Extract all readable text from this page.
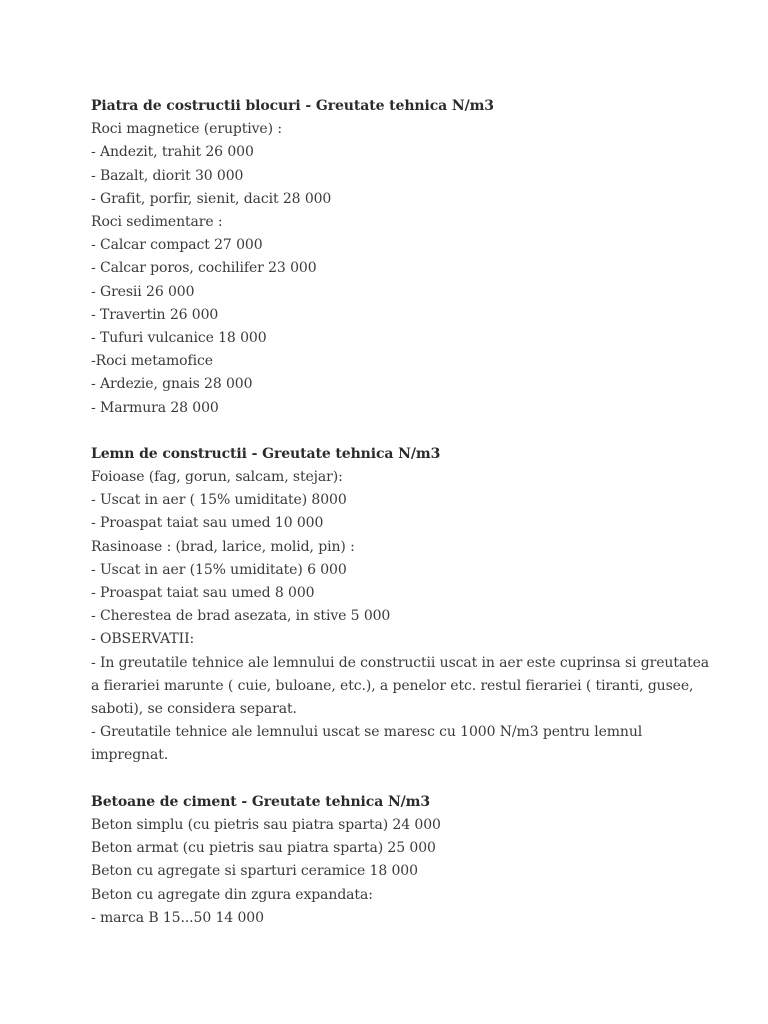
Piatra de costructii blocuri - Greutate tehnica N/m3
Roci magnetice (eruptive) :
- Andezit, trahit 26 000
- Bazalt, diorit 30 000
- Grafit, porfir, sienit, dacit 28 000
Roci sedimentare :
- Calcar compact 27 000
- Calcar poros, cochilifer 23 000
- Gresii 26 000
- Travertin 26 000
- Tufuri vulcanice 18 000
-Roci metamofice
- Ardezie, gnais 28 000
- Marmura 28 000
Lemn de constructii - Greutate tehnica N/m3
Foioase (fag, gorun, salcam, stejar):
- Uscat in aer ( 15% umiditate) 8000
- Proaspat taiat sau umed 10 000
Rasinoase : (brad, larice, molid, pin) :
- Uscat in aer (15% umiditate) 6 000
- Proaspat taiat sau umed 8 000
- Cherestea de brad asezata, in stive 5 000
- OBSERVATII:
- In greutatile tehnice ale lemnului de constructii uscat in aer este cuprinsa si greutatea
a fierariei marunte ( cuie, buloane, etc.), a penelor etc. restul fierariei ( tiranti, gusee,
saboti), se considera separat.
- Greutatile tehnice ale lemnului uscat se maresc cu 1000 N/m3 pentru lemnul
impregnat.
Betoane de ciment - Greutate tehnica N/m3
Beton simplu (cu pietris sau piatra sparta) 24 000
Beton armat (cu pietris sau piatra sparta) 25 000
Beton cu agregate si sparturi ceramice 18 000
Beton cu agregate din zgura expandata:
- marca B 15...50 14 000
